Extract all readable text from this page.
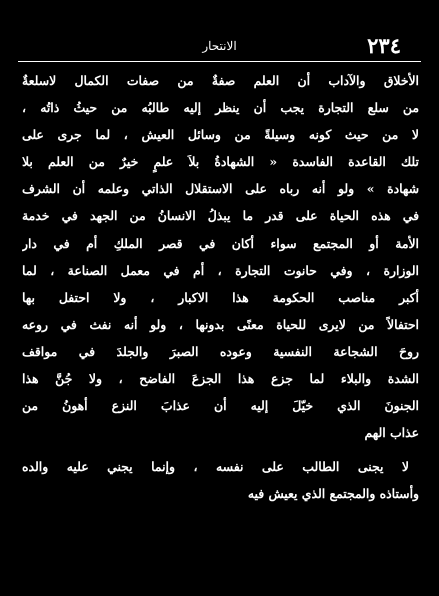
٢٣٤
الانتحار
الأخلاق والآداب أن العلم صفةٌ من صفات الكمال لاسلعةٌ
من سلع التجارة يجب أن ينظر إليه طالبُه من حيثُ ذاتُه ،
لا من حيث كونه وسيلةً من وسائل العيش ، لما جرى على
تلك القاعدة الفاسدة « الشهادةُ بلاَ علمٍ خيرٌ من العلم بلا
شهادة » ولو أنه رباه على الاستقلال الذاتي وعلمه أن الشرف
في هذه الحياة على قدر ما يبذلُ الانسانُ من الجهد في خدمة
الأمة أو المجتمع سواء أكان في قصر الملكِ أم في دار
الوزارة ، وفي حانوت التجارة ، أم في معمل الصناعة ، لما
أكبر مناصب الحكومة هذا الاكبار ، ولا احتفل بها
احتفالاً من لايرى للحياة معنًى بدونها ، ولو أنه نفث في روعه
روحَ الشجاعة النفسية وعوده الصبرَ والجلدَ في مواقف
الشدة والبلاء لما جزع هذا الجزعَ الفاضح ، ولا جُنَّ هذا
الجنونَ الذي خيّلَ إليه أن عذابَ النزع أهونُ من
عذاب الهم
لا يجنى الطالب على نفسه ، وإنما يجني عليه والده
وأستاذه والمجتمع الذي يعيش فيه
